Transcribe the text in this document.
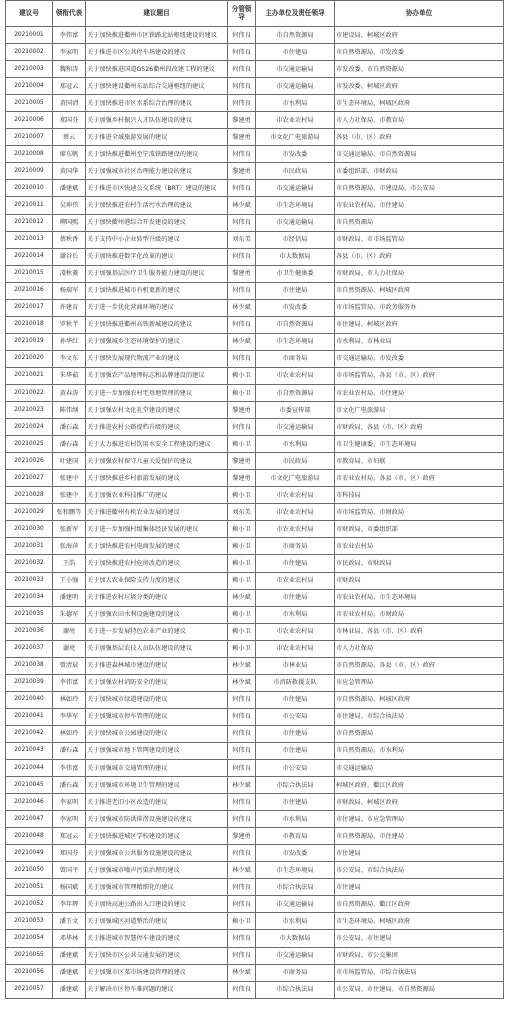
建议号	领衔代表	建议题目	分管领导	主办单位及责任领导	协办单位
20210001	李伟富	关于加快推进衢州市区铁路北站枢纽建设的建议	何伟良	市自然资源局	市建设局、柯城区政府
20210002	李家明	关于推进市区公共停车场建设的建议	何伟良	市住建局	市自然资源局、市发改委
20210003	魏和涛	关于加快推进国道G526衢州段改建工程的建议	何伟良	市交通运输局	市发改委、市自然资源局
20210004	郑冠云	关于加快建设衢州东站综合交通枢纽的建议	何伟良	市交通运输局	市发改委、柯城区政府
20210005	黄国清	关于加快推进市区水系综合治理的建议	何伟良	市水利局	市生态环境局、柯城区政府
20210006	郑国芬	关于加强乡村振兴人才队伍建设的建议	黎建勇	市农业农村局	市人力社保局、市教育局
20210007	蔡云	关于推进全域旅游发展的建议	黎建勇	市文化广电旅游局	各县（市、区）政府
20210008	廖东帆	关于加快推进衢州至宁波铁路建设的建议	何伟良	市发改委	市交通运输局、市自然资源局
20210009	黄国华	关于加强城市社区治理能力建设的建议	黎建勇	市民政局	市委组织部、市财政局
20210010	潘建斌	关于推进市区快速公交系统（BRT）建设的建议	何伟良	市交通运输局	市自然资源局、市建设局、市公安局
20210011	吴坤伟	关于加快推进农村生活污水治理的建议	林少斌	市生态环境局	市农业农村局、市住建局
20210012	柳国熙	关于加快衢州港综合开发建设的建议	何伟良	市交通运输局	市自然资源局
20210013	蔡秋香	关于支持中小企业转型升级的建议	刘东美	市经信局	市财政局、市市场监管局
20210014	谢谷长	关于加快推进数字化改革的建议	何伟良	市大数据局	各县（市、区）政府
20210015	凌秋菱	关于加强基层医疗卫生服务能力建设的建议	黎建勇	市卫生健康委	市财政局、市人力社保局
20210016	杨瑞军	关于加快推进城市有机更新的建议	何伟良	市住建局	市自然资源局、柯城区政府
20210017	许建育	关于进一步优化营商环境的建议	林少斌	市发改委	市市场监管局、市政务服务办
20210018	罗秋芊	关于加快推进衢州高铁新城建设的建议	何伟良	市自然资源局	市住建局、柯城区政府
20210019	孙华红	关于加强城乡生态环境保护的建议	林少斌	市生态环境局	市水利局、市林业局
20210020	李文东	关于加快发展现代物流产业的建议	何伟良	市商务局	市交通运输局、市发改委
20210021	朱华茹	关于加强农产品地理标志和品牌建设的建议	赖小卫	市农业农村局	市市场监管局、各县（市、区）政府
20210022	黄春涛	关于进一步加强农村宅基地管理的建议	赖小卫	市自然资源局	市农业农村局、市住建局
20210023	陈伟纲	关于加强农村文化礼堂建设的建议	黎建勇	市委宣传部	市文化广电旅游局
20210024	潘石森	关于推进农村公路提档升级的建议	何伟良	市交通运输局	市财政局、各县（市、区）政府
20210025	潘石森	关于大力推进农村饮用水安全工程建设的建议	赖小卫	市水利局	市卫生健康委、市生态环境局
20210026	叶建国	关于加强农村留守儿童关爱保护的建议	黎建勇	市民政局	市教育局、市妇联
20210027	张建中	关于加快推进乡村旅游发展的建议	黎建勇	市文化广电旅游局	市农业农村局、各县（市、区）政府
20210028	张建中	关于加强农业科技推广的建议	赖小卫	市农业农村局	市科技局
20210029	张和鹏等	关于推进衢州有机农业发展的建议	刘东美	市农业农村局	市市场监管局、市财政局
20210030	张新军	关于进一步加强村级集体经济发展的建议	赖小卫	市农业农村局	市财政局、市委组织部
20210031	张海萍	关于加快推进农村电商发展的建议	赖小卫	市商务局	市农业农村局
20210032	王浩	关于加快推进农村危房改造的建议	赖小卫	市住建局	市民政局、市财政局
20210033	王小强	关于加大农业保险支持力度的建议	赖小卫	市农业农村局	市财政局
20210034	潘建明	关于推进农村垃圾分类的建议	林少斌	市住建局	市农业农村局、市生态环境局
20210035	朱德军	关于加强农田水利设施建设的建议	赖小卫	市水利局	市农业农村局、市财政局
20210036	谢亮	关于进一步发展特色农业产业的建议	赖小卫	市农业农村局	市林业局、各县（市、区）政府
20210037	谢亮	关于加强基层农技人员队伍建设的建议	赖小卫	市农业农村局	市人力社保局
20210038	曾清晨	关于推进森林城市建设的建议	林少斌	市林业局	市自然资源局、各县（市、区）政府
20210039	李伟富	关于加强农村消防安全的建议	林少斌	市消防救援支队	市应急管理局
20210040	林如玲	关于加快城市绿道建设的建议	何伟良	市住建局	市自然资源局、柯城区政府
20210041	李华军	关于加强城市停车管理的建议	何伟良	市公安局	市住建局、市综合执法局
20210042	林如玲	关于加快城市公园建设的建议	何伟良	市住建局	市自然资源局
20210043	潘石森	关于加强城市地下管网建设的建议	何伟良	市住建局	市自然资源局、市水利局
20210044	李伟富	关于加强城市交通管理的建议	何伟良	市公安局	市交通运输局
20210045	潘石森	关于加强城市环境卫生管理的建议	林少斌	市综合执法局	柯城区政府、衢江区政府
20210046	李家明	关于推进老旧小区改造的建议	何伟良	市住建局	市财政局、柯城区政府
20210047	李家明	关于加强城市防洪排涝设施建设的建议	何伟良	市水利局	市住建局、市应急管理局
20210048	郑冠云	关于加快推进城区学校建设的建议	黎建勇	市教育局	市自然资源局、市住建局
20210049	郑国芬	关于加强城市公共服务设施建设的建议	何伟良	市发改委	市住建局
20210050	曾国平	关于加强城市噪声污染治理的建议	林少斌	市生态环境局	市公安局、市综合执法局
20210051	杨国斌	关于加强城市管理精细化的建议	何伟良	市综合执法局	市住建局
20210052	李年辉	关于加快高速公路出入口建设的建议	何伟良	市交通运输局	市自然资源局、衢江区政府
20210053	潘玉文	关于加强城区河道整治的建议	赖小卫	市水利局	市生态环境局、柯城区政府
20210054	邓华林	关于推进城市智慧停车建设的建议	何伟良	市大数据局	市公安局、市住建局
20210055	潘建斌	关于加快市区公共交通发展的建议	何伟良	市交通运输局	市财政局、市公交集团
20210056	潘建斌	关于加强市区菜市场建设管理的建议	林少斌	市商务局	市市场监管局、市综合执法局
20210057	潘建斌	关于解决市区停车难问题的建议	何伟良	市综合执法局	市公安局、市住建局、市自然资源局
